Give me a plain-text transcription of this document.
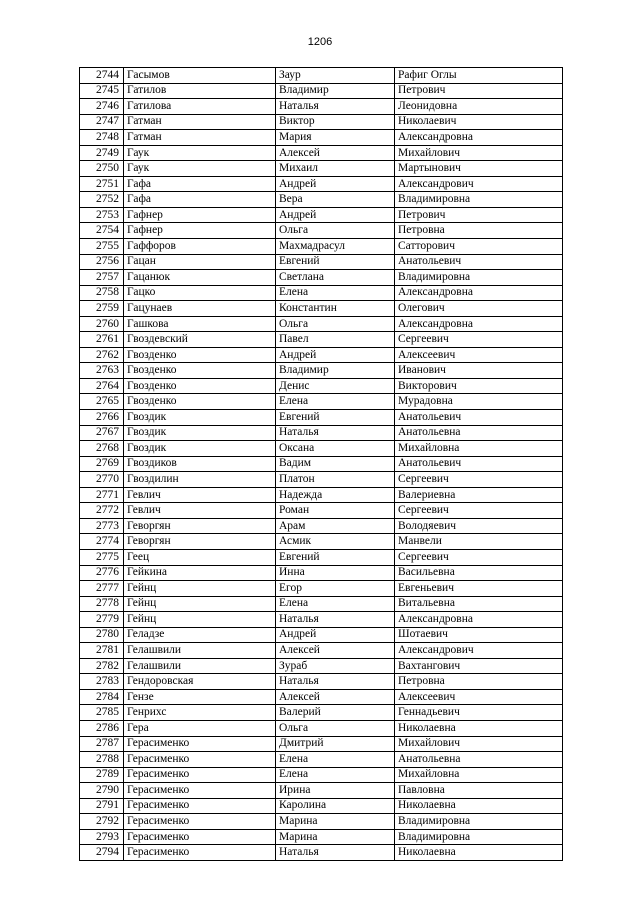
1206
2744	Гасымов	Заур	Рафиг Оглы
2745	Гатилов	Владимир	Петрович
2746	Гатилова	Наталья	Леонидовна
2747	Гатман	Виктор	Николаевич
2748	Гатман	Мария	Александровна
2749	Гаук	Алексей	Михайлович
2750	Гаук	Михаил	Мартынович
2751	Гафа	Андрей	Александрович
2752	Гафа	Вера	Владимировна
2753	Гафнер	Андрей	Петрович
2754	Гафнер	Ольга	Петровна
2755	Гаффоров	Махмадрасул	Сатторович
2756	Гацан	Евгений	Анатольевич
2757	Гацанюк	Светлана	Владимировна
2758	Гацко	Елена	Александровна
2759	Гацунаев	Константин	Олегович
2760	Гашкова	Ольга	Александровна
2761	Гвоздевский	Павел	Сергеевич
2762	Гвозденко	Андрей	Алексеевич
2763	Гвозденко	Владимир	Иванович
2764	Гвозденко	Денис	Викторович
2765	Гвозденко	Елена	Мурадовна
2766	Гвоздик	Евгений	Анатольевич
2767	Гвоздик	Наталья	Анатольевна
2768	Гвоздик	Оксана	Михайловна
2769	Гвоздиков	Вадим	Анатольевич
2770	Гвоздилин	Платон	Сергеевич
2771	Гевлич	Надежда	Валериевна
2772	Гевлич	Роман	Сергеевич
2773	Геворгян	Арам	Володяевич
2774	Геворгян	Асмик	Манвели
2775	Геец	Евгений	Сергеевич
2776	Гейкина	Инна	Васильевна
2777	Гейнц	Егор	Евгеньевич
2778	Гейнц	Елена	Витальевна
2779	Гейнц	Наталья	Александровна
2780	Геладзе	Андрей	Шотаевич
2781	Гелашвили	Алексей	Александрович
2782	Гелашвили	Зураб	Вахтангович
2783	Гендоровская	Наталья	Петровна
2784	Гензе	Алексей	Алексеевич
2785	Генрихс	Валерий	Геннадьевич
2786	Гера	Ольга	Николаевна
2787	Герасименко	Дмитрий	Михайлович
2788	Герасименко	Елена	Анатольевна
2789	Герасименко	Елена	Михайловна
2790	Герасименко	Ирина	Павловна
2791	Герасименко	Каролина	Николаевна
2792	Герасименко	Марина	Владимировна
2793	Герасименко	Марина	Владимировна
2794	Герасименко	Наталья	Николаевна
